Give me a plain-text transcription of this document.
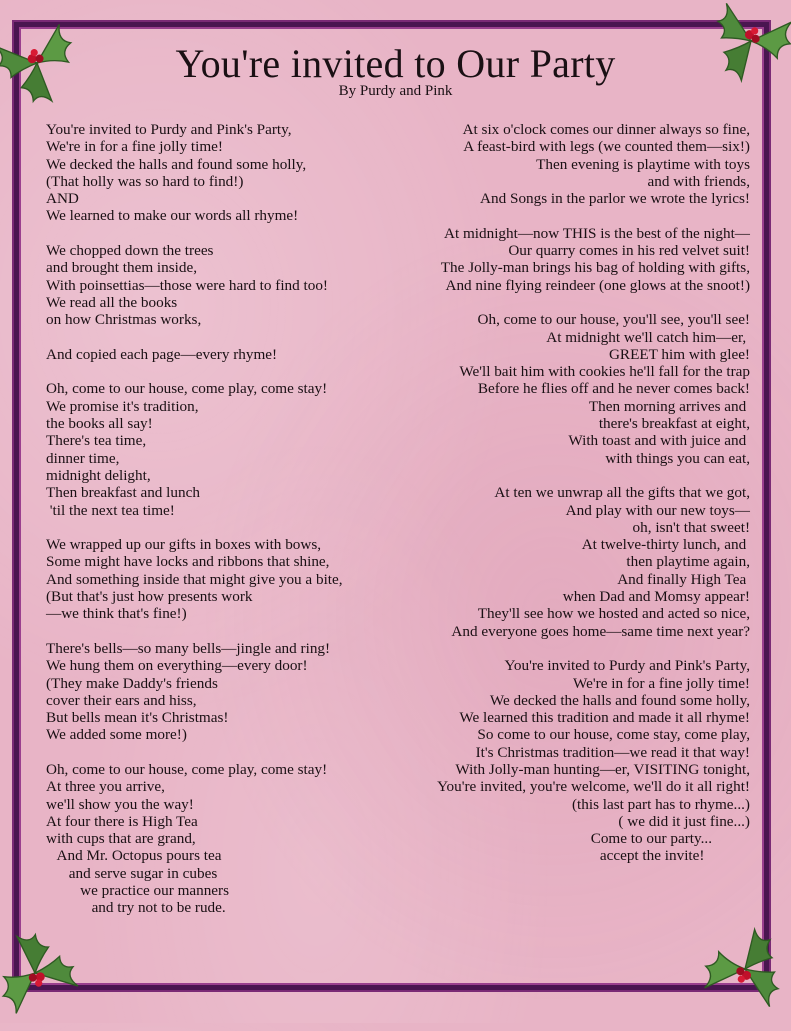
You're invited to Our Party
By Purdy and Pink
You're invited to Purdy and Pink's Party,
We're in for a fine jolly time!
We decked the halls and found some holly,
(That holly was so hard to find!)
AND
We learned to make our words all rhyme!

We chopped down the trees
and brought them inside,
With poinsettias—those were hard to find too!
We read all the books
on how Christmas works,

And copied each page—every rhyme!

Oh, come to our house, come play, come stay!
We promise it's tradition,
the books all say!
There's tea time,
dinner time,
midnight delight,
Then breakfast and lunch
'til the next tea time!

We wrapped up our gifts in boxes with bows,
Some might have locks and ribbons that shine,
And something inside that might give you a bite,
(But that's just how presents work
—we think that's fine!)

There's bells—so many bells—jingle and ring!
We hung them on everything—every door!
(They make Daddy's friends
cover their ears and hiss,
But bells mean it's Christmas!
We added some more!)

Oh, come to our house, come play, come stay!
At three you arrive,
we'll show you the way!
At four there is High Tea
with cups that are grand,
And Mr. Octopus pours tea
and serve sugar in cubes
we practice our manners
and try not to be rude.
At six o'clock comes our dinner always so fine,
A feast-bird with legs (we counted them—six!)
Then evening is playtime with toys
and with friends,
And Songs in the parlor we wrote the lyrics!

At midnight—now THIS is the best of the night—
Our quarry comes in his red velvet suit!
The Jolly-man brings his bag of holding with gifts,
And nine flying reindeer (one glows at the snoot!)

Oh, come to our house, you'll see, you'll see!
At midnight we'll catch him—er,
GREET him with glee!
We'll bait him with cookies he'll fall for the trap
Before he flies off and he never comes back!
Then morning arrives and
there's breakfast at eight,
With toast and with juice and
with things you can eat,

At ten we unwrap all the gifts that we got,
And play with our new toys—
oh, isn't that sweet!
At twelve-thirty lunch, and
then playtime again,
And finally High Tea
when Dad and Momsy appear!
They'll see how we hosted and acted so nice,
And everyone goes home—same time next year?

You're invited to Purdy and Pink's Party,
We're in for a fine jolly time!
We decked the halls and found some holly,
We learned this tradition and made it all rhyme!
So come to our house, come stay, come play,
It's Christmas tradition—we read it that way!
With Jolly-man hunting—er, VISITING tonight,
You're invited, you're welcome, we'll do it all right!
(this last part has to rhyme...)
( we did it just fine...)
Come to our party...
accept the invite!
